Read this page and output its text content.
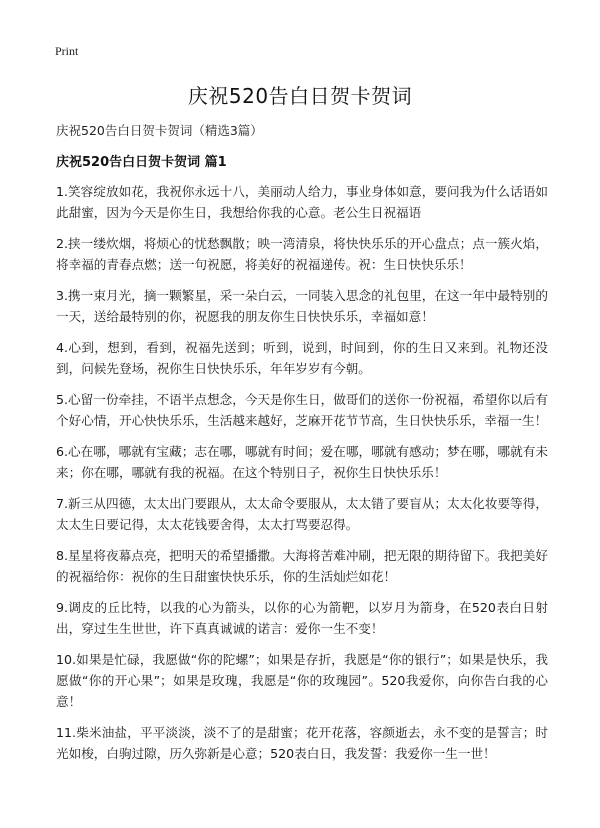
Print
庆祝520告白日贺卡贺词
庆祝520告白日贺卡贺词（精选3篇）
庆祝520告白日贺卡贺词 篇1

1.笑容绽放如花，我祝你永远十八，美丽动人给力，事业身体如意，要问我为什么话语如此甜蜜，因为今天是你生日，我想给你我的心意。老公生日祝福语

2.挟一缕炊烟，将烦心的忧愁飘散；映一湾清泉，将快快乐乐的开心盘点；点一簇火焰，将幸福的青春点燃；送一句祝愿，将美好的祝福递传。祝：生日快快乐乐！

3.携一束月光，摘一颗繁星，采一朵白云，一同装入思念的礼包里，在这一年中最特别的一天，送给最特别的你，祝愿我的朋友你生日快快乐乐，幸福如意！

4.心到，想到，看到，祝福先送到；听到，说到，时间到，你的生日又来到。礼物还没到，问候先登场，祝你生日快快乐乐，年年岁岁有今朝。

5.心留一份牵挂，不语半点想念，今天是你生日，做哥们的送你一份祝福，希望你以后有个好心情，开心快快乐乐，生活越来越好，芝麻开花节节高，生日快快乐乐，幸福一生！

6.心在哪，哪就有宝藏；志在哪，哪就有时间；爱在哪，哪就有感动；梦在哪，哪就有未来；你在哪，哪就有我的祝福。在这个特别日子，祝你生日快快乐乐！

7.新三从四德，太太出门要跟从，太太命令要服从，太太错了要盲从；太太化妆要等得，太太生日要记得，太太花钱要舍得，太太打骂要忍得。

8.星星将夜幕点亮，把明天的希望播撒。大海将苦难冲刷，把无限的期待留下。我把美好的祝福给你：祝你的生日甜蜜快快乐乐，你的生活灿烂如花！

9.调皮的丘比特，以我的心为箭头，以你的心为箭靶，以岁月为箭身，在520表白日射出，穿过生生世世，许下真真诚诚的诺言：爱你一生不变！

10.如果是忙碌，我愿做“你的陀螺”；如果是存折，我愿是“你的银行”；如果是快乐，我愿做“你的开心果”；如果是玫瑰，我愿是“你的玫瑰园”。520我爱你，向你告白我的心意！

11.柴米油盐，平平淡淡，淡不了的是甜蜜；花开花落，容颜逝去，永不变的是誓言；时光如梭，白驹过隙，历久弥新是心意；520表白日，我发誓：我爱你一生一世！
